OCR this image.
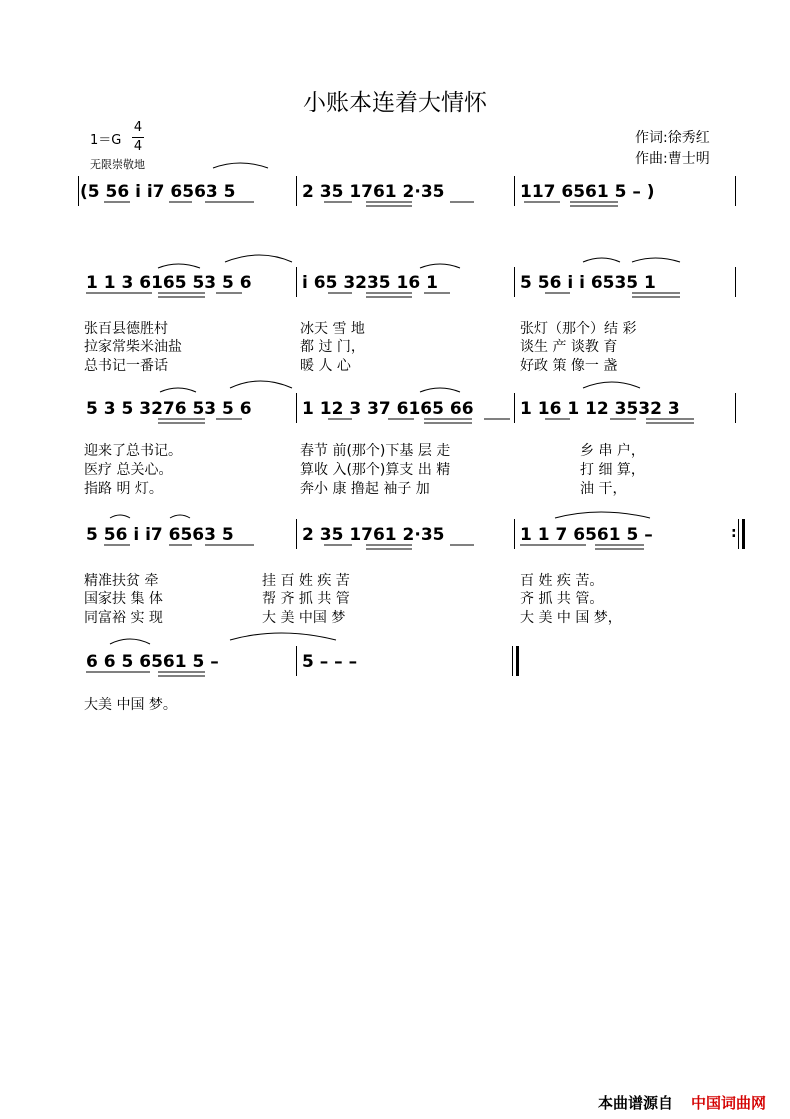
小账本连着大情怀
1＝G
4
4
无限崇敬地
作词:徐秀红
作曲:曹士明
(5 56 i i7 6563 5	2 35 1761 2·35	117 6561 5 – )
1 1 3 6165 53 5 6	i 65 3235 16 1	5 56 i i 6535 1
张百县德胜村	冰天 雪 地	张灯（那个）结 彩
拉家常柴米油盐	都 过 门，	谈生 产 谈教 育
总书记一番话	暖 人 心	好政 策 像一 盏
5 3 5 3276 53 5 6	1 12 3 37 6165 66	1 16 1 12 3532 3
迎来了总书记。	春节 前(那个)下基 层 走	乡 串 户，
医疗 总关心。	算收 入(那个)算支 出 精	打 细 算，
指路 明 灯。	奔小 康 撸起 袖子 加	油 干，
5 56 i i7 6563 5	2 35 1761 2·35	1 1 7 6561 5 –	:
精准扶贫 牵	挂 百 姓 疾 苦	百 姓 疾 苦。
国家扶 集 体	帮 齐 抓 共 管	齐 抓 共 管。
同富裕 实 现	大 美 中国 梦	大 美 中 国 梦，
6 6 5 6561 5 –	5 – – –
大美 中国 梦。
本曲谱源自 中国词曲网
